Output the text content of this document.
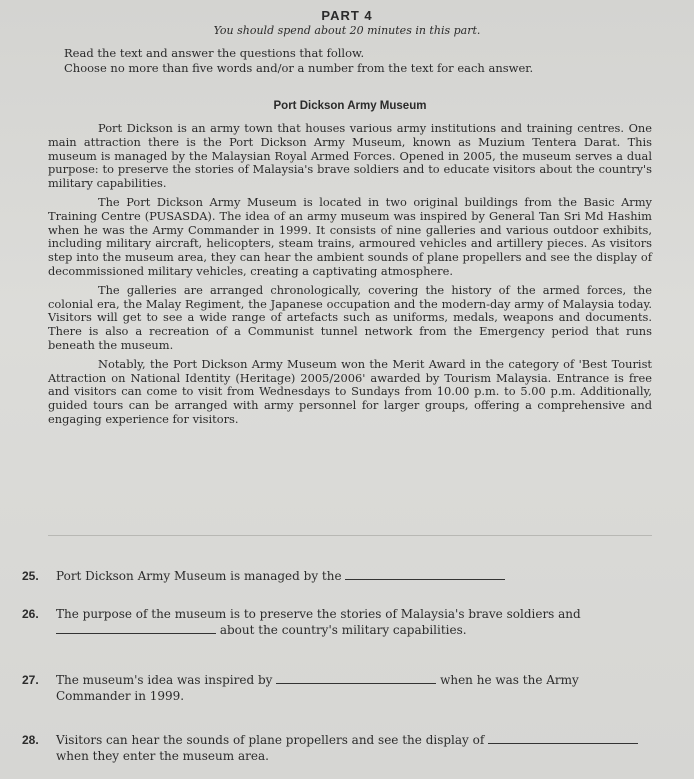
PART 4
You should spend about 20 minutes in this part.
Read the text and answer the questions that follow.
Choose no more than five words and/or a number from the text for each answer.
Port Dickson Army Museum

Port Dickson is an army town that houses various army institutions and training centres. One main attraction there is the Port Dickson Army Museum, known as Muzium Tentera Darat. This museum is managed by the Malaysian Royal Armed Forces. Opened in 2005, the museum serves a dual purpose: to preserve the stories of Malaysia's brave soldiers and to educate visitors about the country's military capabilities.

The Port Dickson Army Museum is located in two original buildings from the Basic Army Training Centre (PUSASDA). The idea of an army museum was inspired by General Tan Sri Md Hashim when he was the Army Commander in 1999. It consists of nine galleries and various outdoor exhibits, including military aircraft, helicopters, steam trains, armoured vehicles and artillery pieces. As visitors step into the museum area, they can hear the ambient sounds of plane propellers and see the display of decommissioned military vehicles, creating a captivating atmosphere.

The galleries are arranged chronologically, covering the history of the armed forces, the colonial era, the Malay Regiment, the Japanese occupation and the modern-day army of Malaysia today. Visitors will get to see a wide range of artefacts such as uniforms, medals, weapons and documents. There is also a recreation of a Communist tunnel network from the Emergency period that runs beneath the museum.

Notably, the Port Dickson Army Museum won the Merit Award in the category of 'Best Tourist Attraction on National Identity (Heritage) 2005/2006' awarded by Tourism Malaysia. Entrance is free and visitors can come to visit from Wednesdays to Sundays from 10.00 p.m. to 5.00 p.m. Additionally, guided tours can be arranged with army personnel for larger groups, offering a comprehensive and engaging experience for visitors.

25. Port Dickson Army Museum is managed by the
26. The purpose of the museum is to preserve the stories of Malaysia's brave soldiers and
about the country's military capabilities.
27. The museum's idea was inspired by	when he was the Army
Commander in 1999.
28. Visitors can hear the sounds of plane propellers and see the display of
when they enter the museum area.
